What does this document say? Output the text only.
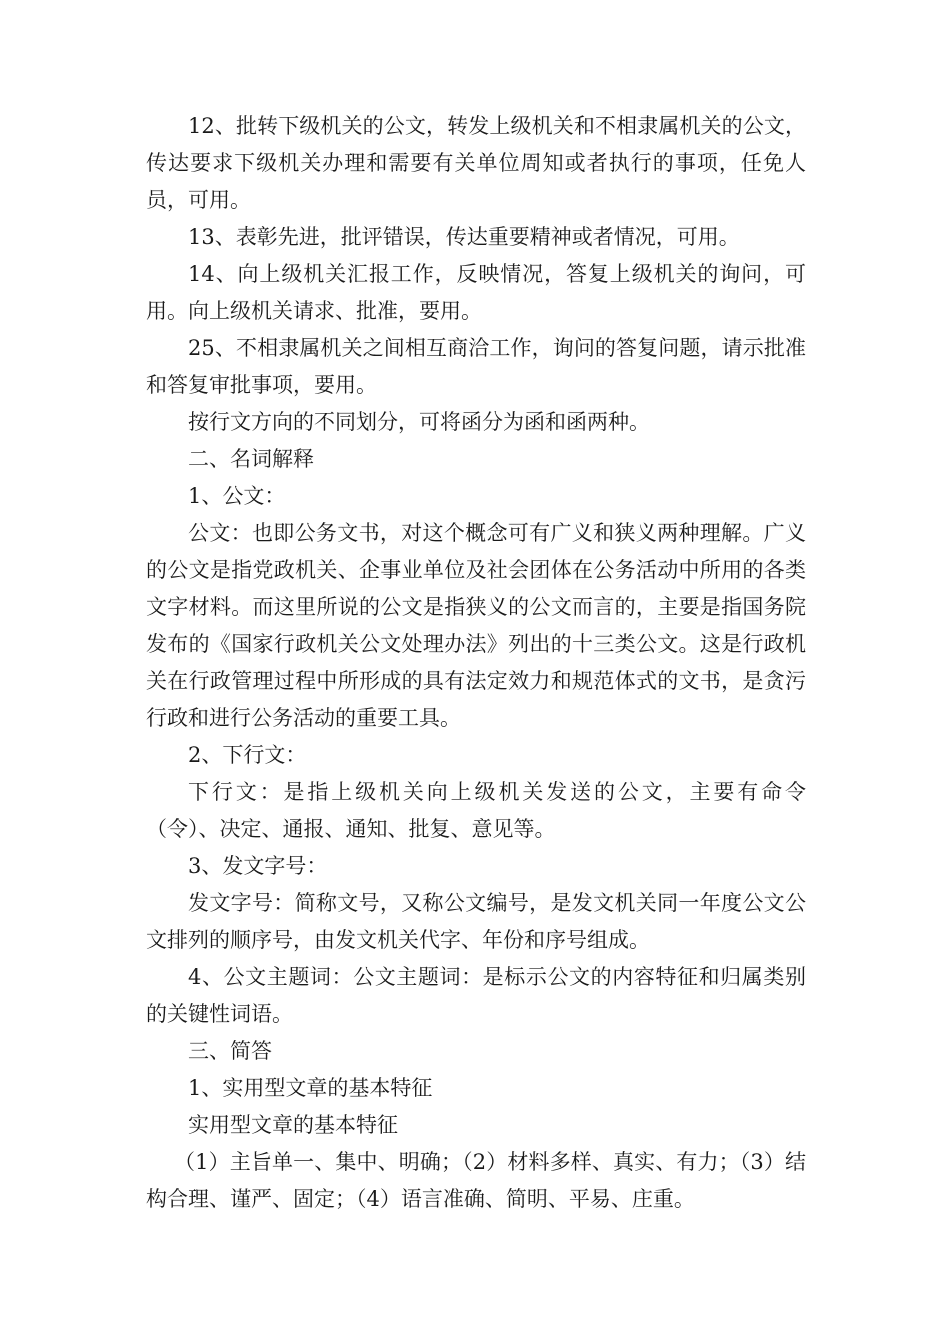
12、批转下级机关的公文，转发上级机关和不相隶属机关的公文，传达要求下级机关办理和需要有关单位周知或者执行的事项，任免人员，可用。

13、表彰先进，批评错误，传达重要精神或者情况，可用。

14、向上级机关汇报工作，反映情况，答复上级机关的询问，可用。向上级机关请求、批准，要用。

25、不相隶属机关之间相互商洽工作，询问的答复问题，请示批准和答复审批事项，要用。

按行文方向的不同划分，可将函分为函和函两种。

二、名词解释

1、公文：

公文：也即公务文书，对这个概念可有广义和狭义两种理解。广义的公文是指党政机关、企事业单位及社会团体在公务活动中所用的各类文字材料。而这里所说的公文是指狭义的公文而言的，主要是指国务院发布的《国家行政机关公文处理办法》列出的十三类公文。这是行政机关在行政管理过程中所形成的具有法定效力和规范体式的文书，是贪污行政和进行公务活动的重要工具。

2、下行文：

下行文：是指上级机关向上级机关发送的公文，主要有命令（令）、决定、通报、通知、批复、意见等。

3、发文字号：

发文字号：简称文号，又称公文编号，是发文机关同一年度公文公文排列的顺序号，由发文机关代字、年份和序号组成。

4、公文主题词：公文主题词：是标示公文的内容特征和归属类别的关键性词语。

三、简答

1、实用型文章的基本特征

实用型文章的基本特征

（1）主旨单一、集中、明确；（2）材料多样、真实、有力；（3）结构合理、谨严、固定；（4）语言准确、简明、平易、庄重。
